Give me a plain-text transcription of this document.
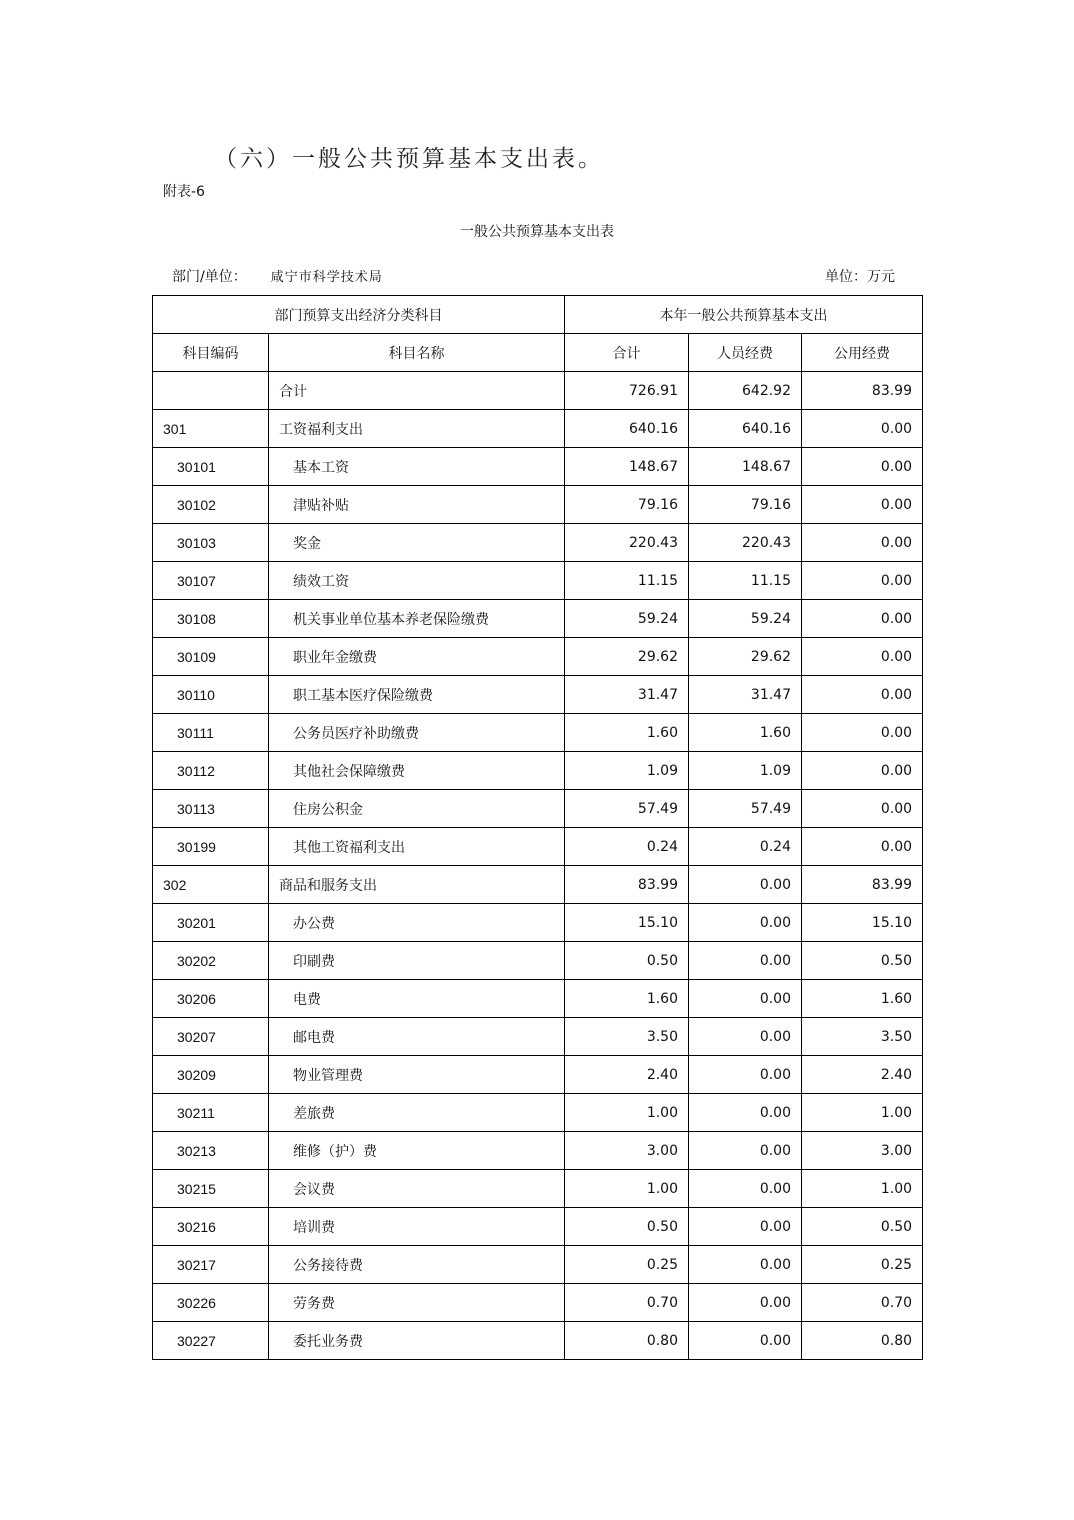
（六）一般公共预算基本支出表。
附表-6
一般公共预算基本支出表
部门/单位： 咸宁市科学技术局	单位：万元
部门预算支出经济分类科目		本年一般公共预算基本支出		
科目编码	科目名称	合计	人员经费	公用经费
	合计	726.91	642.92	83.99
301	工资福利支出	640.16	640.16	0.00
30101	基本工资	148.67	148.67	0.00
30102	津贴补贴	79.16	79.16	0.00
30103	奖金	220.43	220.43	0.00
30107	绩效工资	11.15	11.15	0.00
30108	机关事业单位基本养老保险缴费	59.24	59.24	0.00
30109	职业年金缴费	29.62	29.62	0.00
30110	职工基本医疗保险缴费	31.47	31.47	0.00
30111	公务员医疗补助缴费	1.60	1.60	0.00
30112	其他社会保障缴费	1.09	1.09	0.00
30113	住房公积金	57.49	57.49	0.00
30199	其他工资福利支出	0.24	0.24	0.00
302	商品和服务支出	83.99	0.00	83.99
30201	办公费	15.10	0.00	15.10
30202	印刷费	0.50	0.00	0.50
30206	电费	1.60	0.00	1.60
30207	邮电费	3.50	0.00	3.50
30209	物业管理费	2.40	0.00	2.40
30211	差旅费	1.00	0.00	1.00
30213	维修（护）费	3.00	0.00	3.00
30215	会议费	1.00	0.00	1.00
30216	培训费	0.50	0.00	0.50
30217	公务接待费	0.25	0.00	0.25
30226	劳务费	0.70	0.00	0.70
30227	委托业务费	0.80	0.00	0.80
